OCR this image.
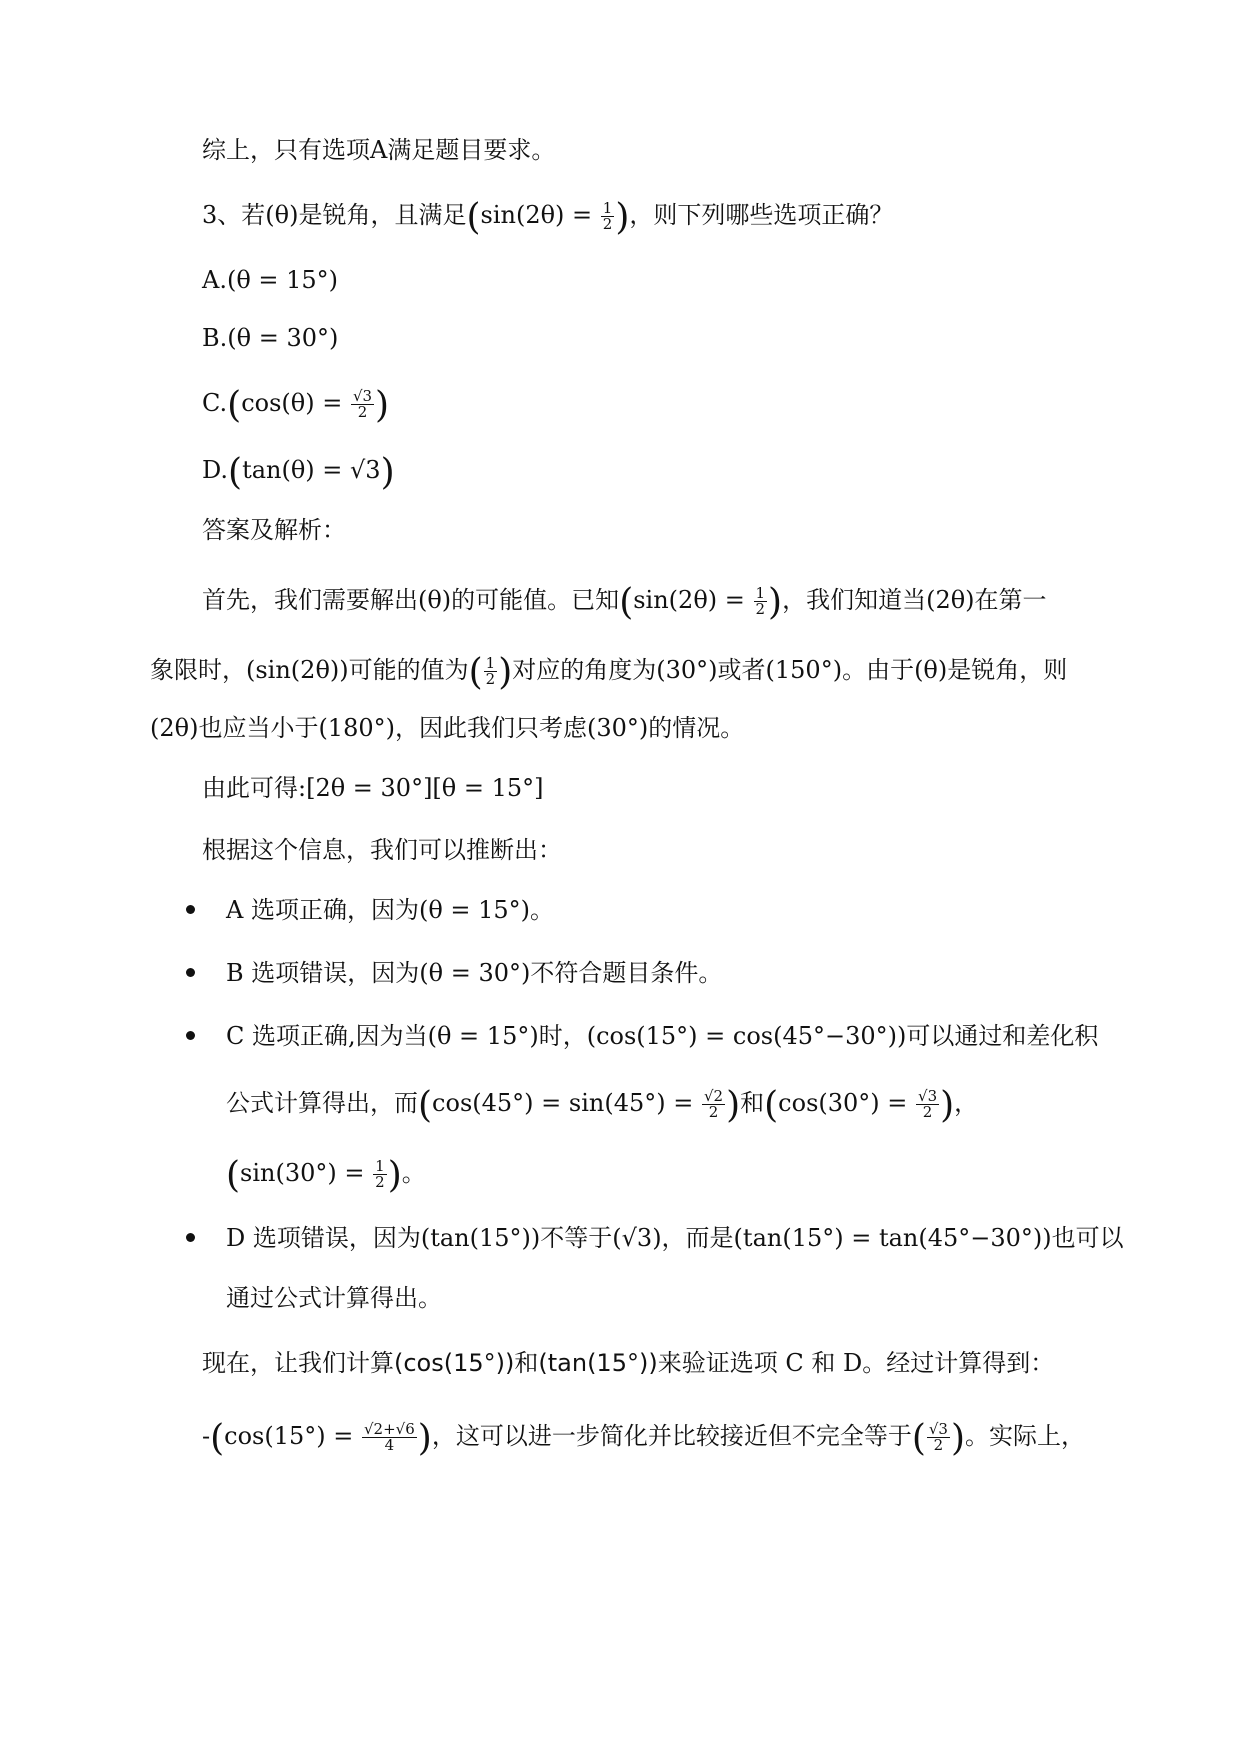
综上，只有选项A满足题目要求。
3、若(θ)是锐角，且满足($\sin(2\theta) = \frac{1}{2}$ )，则下列哪些选项正确？
A.(θ = 15°)
B.(θ = 30°)
$C.(\cos(\theta) = \frac{√3}{2}$ )
D.(tan(θ) = √3)
答案及解析：
首先，我们需要解出(θ)的可能值。已知($\sin(2\theta) = \frac{1}{2}$ )，我们知道当(2θ)在第一
象限时，(sin(2θ))可能的值为( $\frac{1}{2}$ )对应的角度为(30°)或者(150°)。由于(θ)是锐角，则
(2θ)也应当小于(180°)，因此我们只考虑(30°)的情况。
由此可得:[2θ = 30°][θ = 15°]
根据这个信息，我们可以推断出：
A 选项正确，因为(θ = 15°)。
B 选项错误，因为(θ = 30°)不符合题目条件。
C 选项正确,因为当(θ = 15°)时，(cos(15°) = cos(45°−30°))可以通过和差化积
公式计算得出，而($\cos(45^\circ) = \sin(45^\circ) = \frac{√2}{2}$ )和($\cos(30^\circ) = \frac{√3}{2}$ )，
($\sin(30^\circ) = \frac{1}{2}$ )。
D 选项错误，因为(tan(15°))不等于(√3)，而是(tan(15°) = tan(45°−30°))也可以
通过公式计算得出。
现在，让我们计算(cos(15°))和(tan(15°))来验证选项 C 和 D。经过计算得到：
$-(\cos(15^\circ) = \frac{√2+√6}{4}$ )，这可以进一步简化并比较接近但不完全等于( $\frac{√3}{2}$ )。实际上，
